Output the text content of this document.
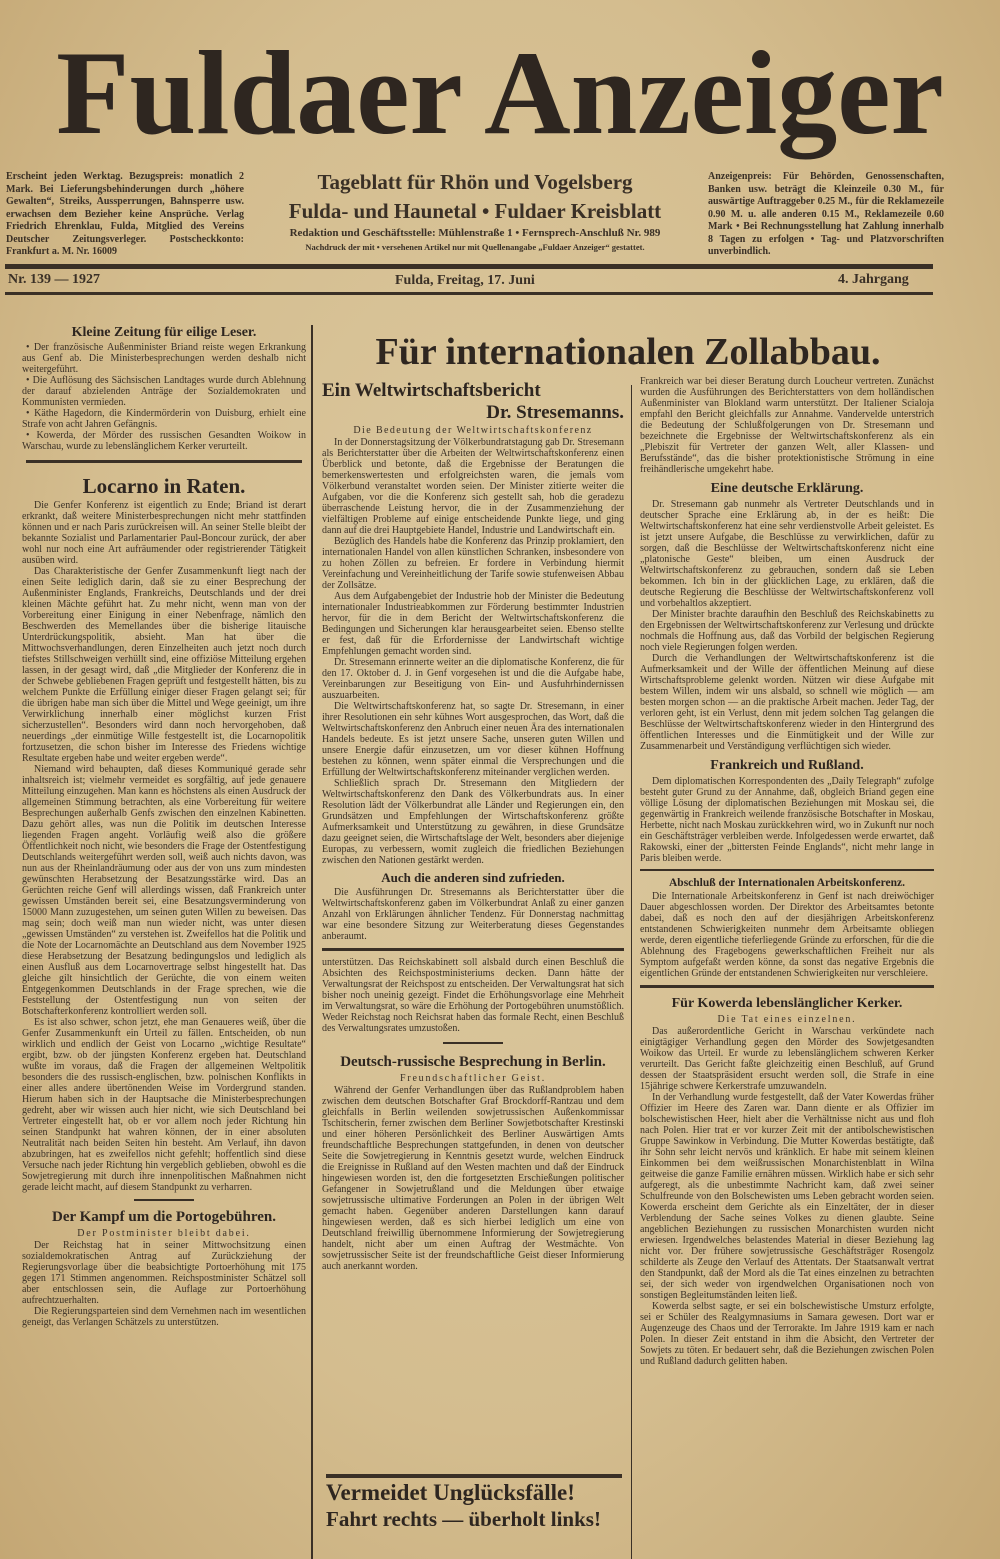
Fuldaer Anzeiger
Erscheint jeden Werktag. Bezugspreis: monatlich 2 Mark. Bei Lieferungsbehinderungen durch „höhere Gewalten“, Streiks, Aussperrungen, Bahnsperre usw. erwachsen dem Bezieher keine Ansprüche. Verlag Friedrich Ehrenklau, Fulda, Mitglied des Vereins Deutscher Zeitungsverleger. Postscheckkonto: Frankfurt a. M. Nr. 16009
Tageblatt für Rhön und Vogelsberg
Fulda- und Haunetal • Fuldaer Kreisblatt
Redaktion und Geschäftsstelle: Mühlenstraße 1 • Fernsprech-Anschluß Nr. 989
Nachdruck der mit • versehenen Artikel nur mit Quellenangabe „Fuldaer Anzeiger“ gestattet.
Anzeigenpreis: Für Behörden, Genossenschaften, Banken usw. beträgt die Kleinzeile 0.30 M., für auswärtige Auftraggeber 0.25 M., für die Reklamezeile 0.90 M. u. alle anderen 0.15 M., Reklamezeile 0.60 Mark • Bei Rechnungsstellung hat Zahlung innerhalb 8 Tagen zu erfolgen • Tag- und Platzvorschriften unverbindlich.
Nr. 139 — 1927	Fulda, Freitag, 17. Juni	4. Jahrgang
Kleine Zeitung für eilige Leser.

• Der französische Außenminister Briand reiste wegen Erkrankung aus Genf ab. Die Ministerbesprechungen werden deshalb nicht weitergeführt.

• Die Auflösung des Sächsischen Landtages wurde durch Ablehnung der darauf abzielenden Anträge der Sozialdemokraten und Kommunisten vermieden.

• Käthe Hagedorn, die Kindermörderin von Duisburg, erhielt eine Strafe von acht Jahren Gefängnis.

• Kowerda, der Mörder des russischen Gesandten Woikow in Warschau, wurde zu lebenslänglichem Kerker verurteilt.

Locarno in Raten.

Die Genfer Konferenz ist eigentlich zu Ende; Briand ist derart erkrankt, daß weitere Ministerbesprechungen nicht mehr stattfinden können und er nach Paris zurückreisen will. An seiner Stelle bleibt der bekannte Sozialist und Parlamentarier Paul-Boncour zurück, der aber wohl nur noch eine Art aufräumender oder registrierender Tätigkeit ausüben wird.

Das Charakteristische der Genfer Zusammenkunft liegt nach der einen Seite lediglich darin, daß sie zu einer Besprechung der Außenminister Englands, Frankreichs, Deutschlands und der drei kleinen Mächte geführt hat. Zu mehr nicht, wenn man von der Vorbereitung einer Einigung in einer Nebenfrage, nämlich den Beschwerden des Memellandes über die bisherige litauische Unterdrückungspolitik, absieht. Man hat über die Mittwochsverhandlungen, deren Einzelheiten auch jetzt noch durch tiefstes Stillschweigen verhüllt sind, eine offiziöse Mitteilung ergehen lassen, in der gesagt wird, daß „die Mitglieder der Konferenz die in der Schwebe gebliebenen Fragen geprüft und festgestellt hätten, bis zu welchem Punkte die Erfüllung einiger dieser Fragen gelangt sei; für die übrigen habe man sich über die Mittel und Wege geeinigt, um ihre Verwirklichung innerhalb einer möglichst kurzen Frist sicherzustellen“. Besonders wird dann noch hervorgehoben, daß neuerdings „der einmütige Wille festgestellt ist, die Locarnopolitik fortzusetzen, die schon bisher im Interesse des Friedens wichtige Resultate ergeben habe und weiter ergeben werde“.

Niemand wird behaupten, daß dieses Kommuniqué gerade sehr inhaltsreich ist; vielmehr vermeidet es sorgfältig, auf jede genauere Mitteilung einzugehen. Man kann es höchstens als einen Ausdruck der allgemeinen Stimmung betrachten, als eine Vorbereitung für weitere Besprechungen außerhalb Genfs zwischen den einzelnen Kabinetten. Dazu gehört alles, was nun die Politik im deutschen Interesse liegenden Fragen angeht. Vorläufig weiß also die größere Öffentlichkeit noch nicht, wie besonders die Frage der Ostentfestigung Deutschlands weitergeführt werden soll, weiß auch nichts davon, was nun aus der Rheinlandräumung oder aus der von uns zum mindesten gewünschten Herabsetzung der Besatzungsstärke wird. Das an Gerüchten reiche Genf will allerdings wissen, daß Frankreich unter gewissen Umständen bereit sei, eine Besatzungsverminderung von 15000 Mann zuzugestehen, um seinen guten Willen zu beweisen. Das mag sein; doch weiß man nun wieder nicht, was unter diesen „gewissen Umständen“ zu verstehen ist. Zweifellos hat die Politik und die Note der Locarnomächte an Deutschland aus dem November 1925 diese Herabsetzung der Besatzung bedingungslos und lediglich als einen Ausfluß aus dem Locarnovertrage selbst hingestellt hat. Das gleiche gilt hinsichtlich der Gerüchte, die von einem weiten Entgegenkommen Deutschlands in der Frage sprechen, wie die Feststellung der Ostentfestigung nun von seiten der Botschafterkonferenz kontrolliert werden soll.

Es ist also schwer, schon jetzt, ehe man Genaueres weiß, über die Genfer Zusammenkunft ein Urteil zu fällen. Entscheiden, ob nun wirklich und endlich der Geist von Locarno „wichtige Resultate“ ergibt, bzw. ob der jüngsten Konferenz ergeben hat. Deutschland wußte im voraus, daß die Fragen der allgemeinen Weltpolitik besonders die des russisch-englischen, bzw. polnischen Konflikts in einer alles andere übertönenden Weise im Vordergrund standen. Hierum haben sich in der Hauptsache die Ministerbesprechungen gedreht, aber wir wissen auch hier nicht, wie sich Deutschland bei Vertreter eingestellt hat, ob er vor allem noch jeder Richtung hin seinen Standpunkt hat wahren können, der in einer absoluten Neutralität nach beiden Seiten hin besteht. Am Verlauf, ihn davon abzubringen, hat es zweifellos nicht gefehlt; hoffentlich sind diese Versuche nach jeder Richtung hin vergeblich geblieben, obwohl es die Sowjetregierung mit durch ihre innenpolitischen Maßnahmen nicht gerade leicht macht, auf diesem Standpunkt zu verharren.

Der Kampf um die Portogebühren.
Der Postminister bleibt dabei.

Der Reichstag hat in seiner Mittwochsitzung einen sozialdemokratischen Antrag auf Zurückziehung der Regierungsvorlage über die beabsichtigte Portoerhöhung mit 175 gegen 171 Stimmen angenommen. Reichspostminister Schätzel soll aber entschlossen sein, die Auflage zur Portoerhöhung aufrechtzuerhalten.

Die Regierungsparteien sind dem Vernehmen nach im wesentlichen geneigt, das Verlangen Schätzels zu unterstützen.

Für internationalen Zollabbau.
Ein Weltwirtschaftsbericht
Dr. Stresemanns.
Die Bedeutung der Weltwirtschaftskonferenz

In der Donnerstagsitzung der Völkerbundratstagung gab Dr. Stresemann als Berichterstatter über die Arbeiten der Weltwirtschaftskonferenz einen Überblick und betonte, daß die Ergebnisse der Beratungen die bemerkenswertesten und erfolgreichsten waren, die jemals vom Völkerbund veranstaltet worden seien. Der Minister zitierte weiter die Aufgaben, vor die die Konferenz sich gestellt sah, hob die geradezu überraschende Leistung hervor, die in der Zusammenziehung der vielfältigen Probleme auf einige entscheidende Punkte liege, und ging dann auf die drei Hauptgebiete Handel, Industrie und Landwirtschaft ein.

Bezüglich des Handels habe die Konferenz das Prinzip proklamiert, den internationalen Handel von allen künstlichen Schranken, insbesondere von zu hohen Zöllen zu befreien. Er fordere in Verbindung hiermit Vereinfachung und Vereinheitlichung der Tarife sowie stufenweisen Abbau der Zollsätze.

Aus dem Aufgabengebiet der Industrie hob der Minister die Bedeutung internationaler Industrieabkommen zur Förderung bestimmter Industrien hervor, für die in dem Bericht der Weltwirtschaftskonferenz die Bedingungen und Sicherungen klar herausgearbeitet seien. Ebenso stellte er fest, daß für die Erfordernisse der Landwirtschaft wichtige Empfehlungen gemacht worden sind.

Dr. Stresemann erinnerte weiter an die diplomatische Konferenz, die für den 17. Oktober d. J. in Genf vorgesehen ist und die die Aufgabe habe, Vereinbarungen zur Beseitigung von Ein- und Ausfuhrhindernissen auszuarbeiten.

Die Weltwirtschaftskonferenz hat, so sagte Dr. Stresemann, in einer ihrer Resolutionen ein sehr kühnes Wort ausgesprochen, das Wort, daß die Weltwirtschaftskonferenz den Anbruch einer neuen Ära des internationalen Handels bedeute. Es ist jetzt unsere Sache, unseren guten Willen und unsere Energie dafür einzusetzen, um vor dieser kühnen Hoffnung bestehen zu können, wenn später einmal die Versprechungen und die Erfüllung der Weltwirtschaftskonferenz miteinander verglichen werden.

Schließlich sprach Dr. Stresemann den Mitgliedern der Weltwirtschaftskonferenz den Dank des Völkerbundrats aus. In einer Resolution lädt der Völkerbundrat alle Länder und Regierungen ein, den Grundsätzen und Empfehlungen der Wirtschaftskonferenz größte Aufmerksamkeit und Unterstützung zu gewähren, in diese Grundsätze dazu geeignet seien, die Wirtschaftslage der Welt, besonders aber diejenige Europas, zu verbessern, womit zugleich die friedlichen Beziehungen zwischen den Nationen gestärkt werden.

Auch die anderen sind zufrieden.

Die Ausführungen Dr. Stresemanns als Berichterstatter über die Weltwirtschaftskonferenz gaben im Völkerbundrat Anlaß zu einer ganzen Anzahl von Erklärungen ähnlicher Tendenz. Für Donnerstag nachmittag war eine besondere Sitzung zur Weiterberatung dieses Gegenstandes anberaumt.

unterstützen. Das Reichskabinett soll alsbald durch einen Beschluß die Absichten des Reichspostministeriums decken. Dann hätte der Verwaltungsrat der Reichspost zu entscheiden. Der Verwaltungsrat hat sich bisher noch uneinig gezeigt. Findet die Erhöhungsvorlage eine Mehrheit im Verwaltungsrat, so wäre die Erhöhung der Portogebühren unumstößlich. Weder Reichstag noch Reichsrat haben das formale Recht, einen Beschluß des Verwaltungsrates umzustoßen.

Deutsch-russische Besprechung in Berlin.
Freundschaftlicher Geist.

Während der Genfer Verhandlungen über das Rußlandproblem haben zwischen dem deutschen Botschafter Graf Brockdorff-Rantzau und dem gleichfalls in Berlin weilenden sowjetrussischen Außenkommissar Tschitscherin, ferner zwischen dem Berliner Sowjetbotschafter Krestinski und einer höheren Persönlichkeit des Berliner Auswärtigen Amts freundschaftliche Besprechungen stattgefunden, in denen von deutscher Seite die Sowjetregierung in Kenntnis gesetzt wurde, welchen Eindruck die Ereignisse in Rußland auf den Westen machten und daß der Eindruck hingewiesen worden ist, den die fortgesetzten Erschießungen politischer Gefangener in Sowjetrußland und die Meldungen über etwaige sowjetrussische ultimative Forderungen an Polen in der übrigen Welt gemacht haben. Gegenüber anderen Darstellungen kann darauf hingewiesen werden, daß es sich hierbei lediglich um eine von Deutschland freiwillig übernommene Informierung der Sowjetregierung handelt, nicht aber um einen Auftrag der Westmächte. Von sowjetrussischer Seite ist der freundschaftliche Geist dieser Informierung auch anerkannt worden.

Vermeidet Unglücksfälle!
Fahrt rechts — überholt links!

Frankreich war bei dieser Beratung durch Loucheur vertreten. Zunächst wurden die Ausführungen des Berichterstatters von dem holländischen Außenminister van Blokland warm unterstützt. Der Italiener Scialoja empfahl den Bericht gleichfalls zur Annahme. Vandervelde unterstrich die Bedeutung der Schlußfolgerungen von Dr. Stresemann und bezeichnete die Ergebnisse der Weltwirtschaftskonferenz als ein „Plebiszit für Vertreter der ganzen Welt, aller Klassen- und Berufsstände“, das die bisher protektionistische Strömung in eine freihändlerische umgekehrt habe.

Eine deutsche Erklärung.

Dr. Stresemann gab nunmehr als Vertreter Deutschlands und in deutscher Sprache eine Erklärung ab, in der es heißt: Die Weltwirtschaftskonferenz hat eine sehr verdienstvolle Arbeit geleistet. Es ist jetzt unsere Aufgabe, die Beschlüsse zu verwirklichen, dafür zu sorgen, daß die Beschlüsse der Weltwirtschaftskonferenz nicht eine „platonische Geste“ bleiben, um einen Ausdruck der Weltwirtschaftskonferenz zu gebrauchen, sondern daß sie Leben bekommen. Ich bin in der glücklichen Lage, zu erklären, daß die deutsche Regierung die Beschlüsse der Weltwirtschaftskonferenz voll und vorbehaltlos akzeptiert.

Der Minister brachte daraufhin den Beschluß des Reichskabinetts zu den Ergebnissen der Weltwirtschaftskonferenz zur Verlesung und drückte nochmals die Hoffnung aus, daß das Vorbild der belgischen Regierung noch viele Regierungen folgen werden.

Durch die Verhandlungen der Weltwirtschaftskonferenz ist die Aufmerksamkeit und der Wille der öffentlichen Meinung auf diese Wirtschaftsprobleme gelenkt worden. Nützen wir diese Aufgabe mit bestem Willen, indem wir uns alsbald, so schnell wie möglich — am besten morgen schon — an die praktische Arbeit machen. Jeder Tag, der verloren geht, ist ein Verlust, denn mit jedem solchen Tag gelangen die Beschlüsse der Weltwirtschaftskonferenz wieder in den Hintergrund des öffentlichen Interesses und die Einmütigkeit und der Wille zur Zusammenarbeit und Verständigung verflüchtigen sich wieder.

Frankreich und Rußland.

Dem diplomatischen Korrespondenten des „Daily Telegraph“ zufolge besteht guter Grund zu der Annahme, daß, obgleich Briand gegen eine völlige Lösung der diplomatischen Beziehungen mit Moskau sei, die gegenwärtig in Frankreich weilende französische Botschafter in Moskau, Herbette, nicht nach Moskau zurückkehren wird, wo in Zukunft nur noch ein Geschäftsträger verbleiben werde. Infolgedessen werde erwartet, daß Rakowski, einer der „bittersten Feinde Englands“, nicht mehr lange in Paris bleiben werde.

Abschluß der Internationalen Arbeitskonferenz.

Die Internationale Arbeitskonferenz in Genf ist nach dreiwöchiger Dauer abgeschlossen worden. Der Direktor des Arbeitsamtes betonte dabei, daß es noch den auf der diesjährigen Arbeitskonferenz entstandenen Schwierigkeiten nunmehr dem Arbeitsamte obliegen werde, deren eigentliche tieferliegende Gründe zu erforschen, für die die Ablehnung des Fragebogens gewerkschaftlichen Freiheit nur als Symptom aufgefaßt werden könne, da sonst das negative Ergebnis die eigentlichen Gründe der entstandenen Schwierigkeiten nur verschleiere.

Für Kowerda lebenslänglicher Kerker.
Die Tat eines einzelnen.

Das außerordentliche Gericht in Warschau verkündete nach einigtägiger Verhandlung gegen den Mörder des Sowjetgesandten Woikow das Urteil. Er wurde zu lebenslänglichem schweren Kerker verurteilt. Das Gericht faßte gleichzeitig einen Beschluß, auf Grund dessen der Staatspräsident ersucht werden soll, die Strafe in eine 15jährige schwere Kerkerstrafe umzuwandeln.

In der Verhandlung wurde festgestellt, daß der Vater Kowerdas früher Offizier im Heere des Zaren war. Dann diente er als Offizier im bolschewistischen Heer, hielt aber die Verhältnisse nicht aus und floh nach Polen. Hier trat er vor kurzer Zeit mit der antibolschewistischen Gruppe Sawinkow in Verbindung. Die Mutter Kowerdas bestätigte, daß ihr Sohn sehr leicht nervös und kränklich. Er habe mit seinem kleinen Einkommen bei dem weißrussischen Monarchistenblatt in Wilna geitweise die ganze Familie ernähren müssen. Wirklich habe er sich sehr aufgeregt, als die unbestimmte Nachricht kam, daß zwei seiner Schulfreunde von den Bolschewisten ums Leben gebracht worden seien. Kowerda erscheint dem Gerichte als ein Einzeltäter, der in dieser Verblendung der Sache seines Volkes zu dienen glaubte. Seine angeblichen Beziehungen zu russischen Monarchisten wurden nicht erwiesen. Irgendwelches belastendes Material in dieser Beziehung lag nicht vor. Der frühere sowjetrussische Geschäftsträger Rosengolz schilderte als Zeuge den Verlauf des Attentats. Der Staatsanwalt vertrat den Standpunkt, daß der Mord als die Tat eines einzelnen zu betrachten sei, der sich weder von irgendwelchen Organisationen noch von sonstigen Begleitumständen leiten ließ.

Kowerda selbst sagte, er sei ein bolschewistische Umsturz erfolgte, sei er Schüler des Realgymnasiums in Samara gewesen. Dort war er Augenzeuge des Chaos und der Terrorakte. Im Jahre 1919 kam er nach Polen. In dieser Zeit entstand in ihm die Absicht, den Vertreter der Sowjets zu töten. Er bedauert sehr, daß die Beziehungen zwischen Polen und Rußland dadurch gelitten haben.
